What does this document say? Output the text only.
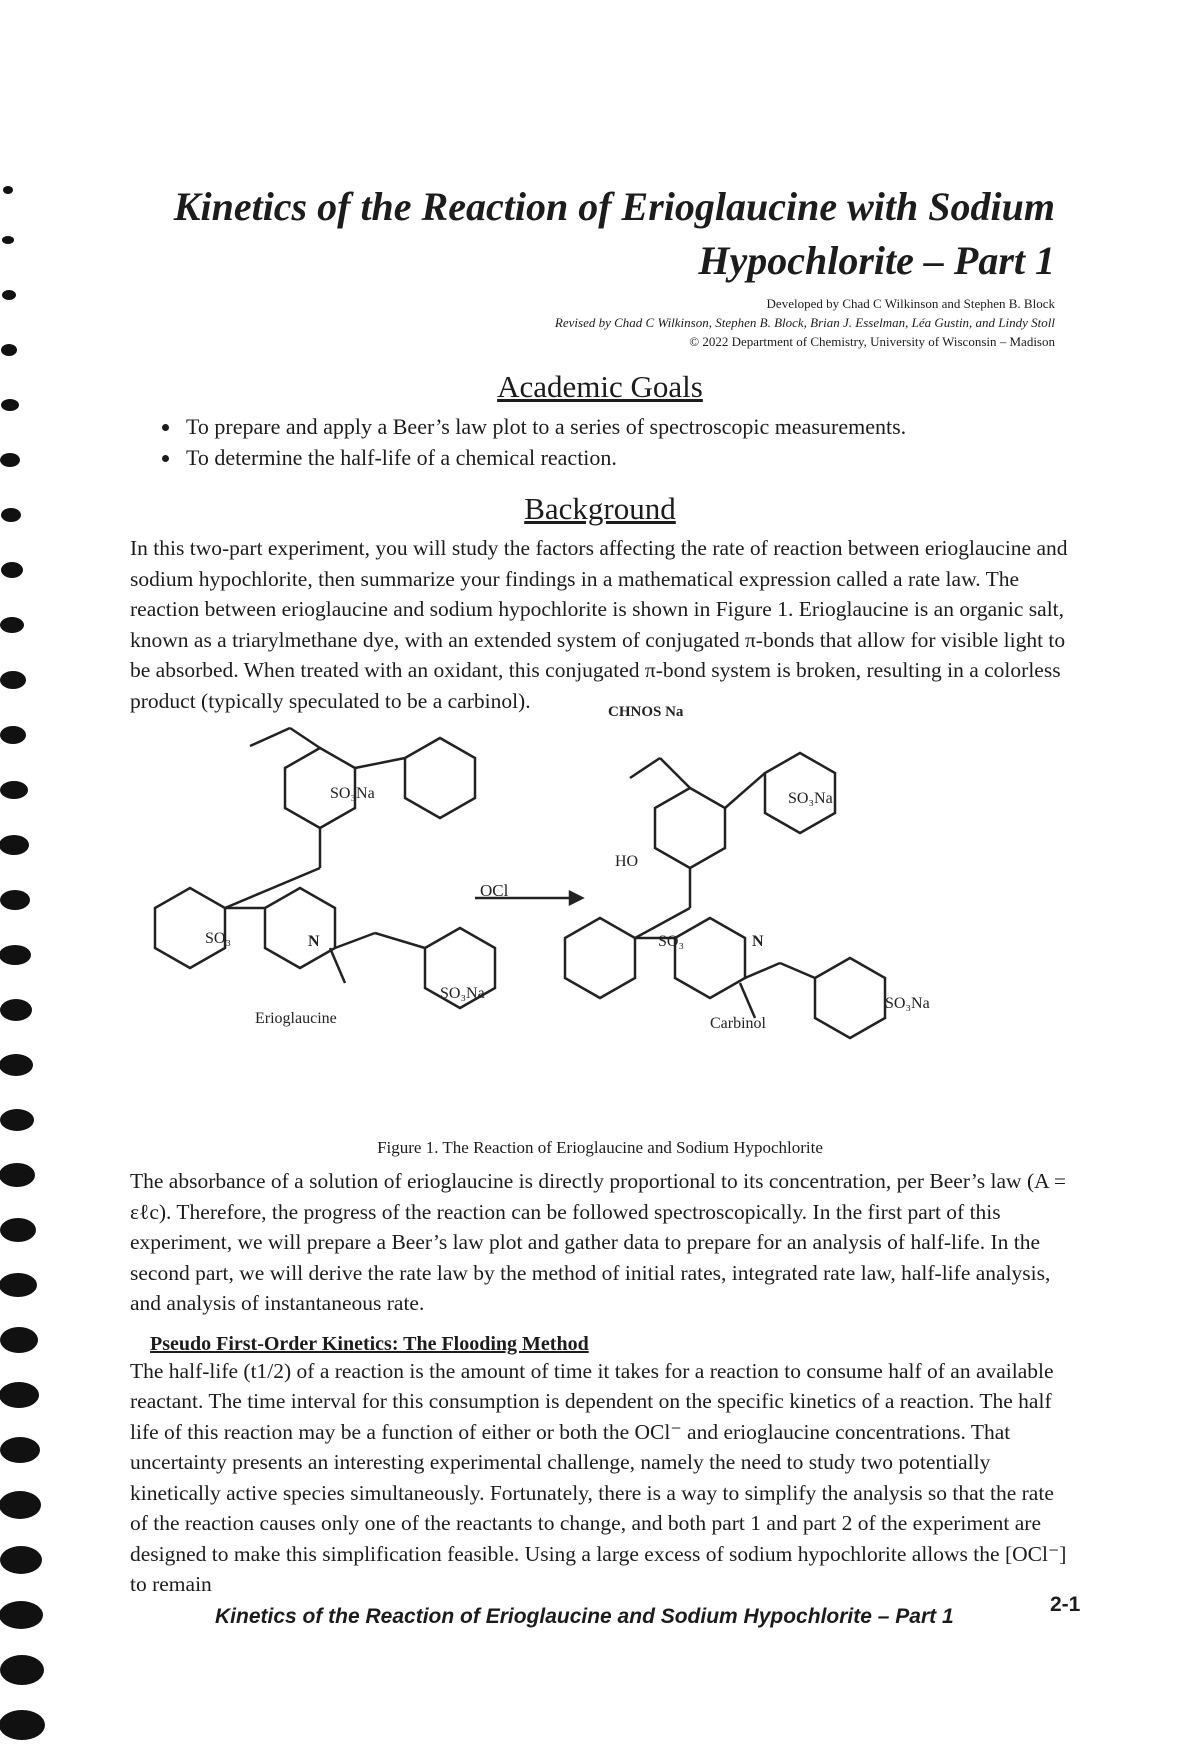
Kinetics of the Reaction of Erioglaucine with Sodium
Hypochlorite – Part 1
Developed by Chad C Wilkinson and Stephen B. Block
Revised by Chad C Wilkinson, Stephen B. Block, Brian J. Esselman, Léa Gustin, and Lindy Stoll
© 2022 Department of Chemistry, University of Wisconsin – Madison
Academic Goals
• To prepare and apply a Beer’s law plot to a series of spectroscopic measurements.
• To determine the half-life of a chemical reaction.
Background

In this two-part experiment, you will study the factors affecting the rate of reaction between erioglaucine and sodium hypochlorite, then summarize your findings in a mathematical expression called a rate law. The reaction between erioglaucine and sodium hypochlorite is shown in Figure 1. Erioglaucine is an organic salt, known as a triarylmethane dye, with an extended system of conjugated π-bonds that allow for visible light to be absorbed. When treated with an oxidant, this conjugated π-bond system is broken, resulting in a colorless product (typically speculated to be a carbinol).

OCl
SO₃Na
SO₃Na
SO₃	N
SO₃Na
SO₃Na
HO
SO₃	N
Erioglaucine	Carbinol
CHNOS Na

Figure 1. The Reaction of Erioglaucine and Sodium Hypochlorite

The absorbance of a solution of erioglaucine is directly proportional to its concentration, per Beer’s law (A = εℓc). Therefore, the progress of the reaction can be followed spectroscopically. In the first part of this experiment, we will prepare a Beer’s law plot and gather data to prepare for an analysis of half-life. In the second part, we will derive the rate law by the method of initial rates, integrated rate law, half-life analysis, and analysis of instantaneous rate.

Pseudo First-Order Kinetics: The Flooding Method

The half-life (t1/2) of a reaction is the amount of time it takes for a reaction to consume half of an available reactant. The time interval for this consumption is dependent on the specific kinetics of a reaction. The half life of this reaction may be a function of either or both the OCl⁻ and erioglaucine concentrations. That uncertainty presents an interesting experimental challenge, namely the need to study two potentially kinetically active species simultaneously. Fortunately, there is a way to simplify the analysis so that the rate of the reaction causes only one of the reactants to change, and both part 1 and part 2 of the experiment are designed to make this simplification feasible. Using a large excess of sodium hypochlorite allows the [OCl⁻] to remain

Kinetics of the Reaction of Erioglaucine and Sodium Hypochlorite – Part 1
2-1
